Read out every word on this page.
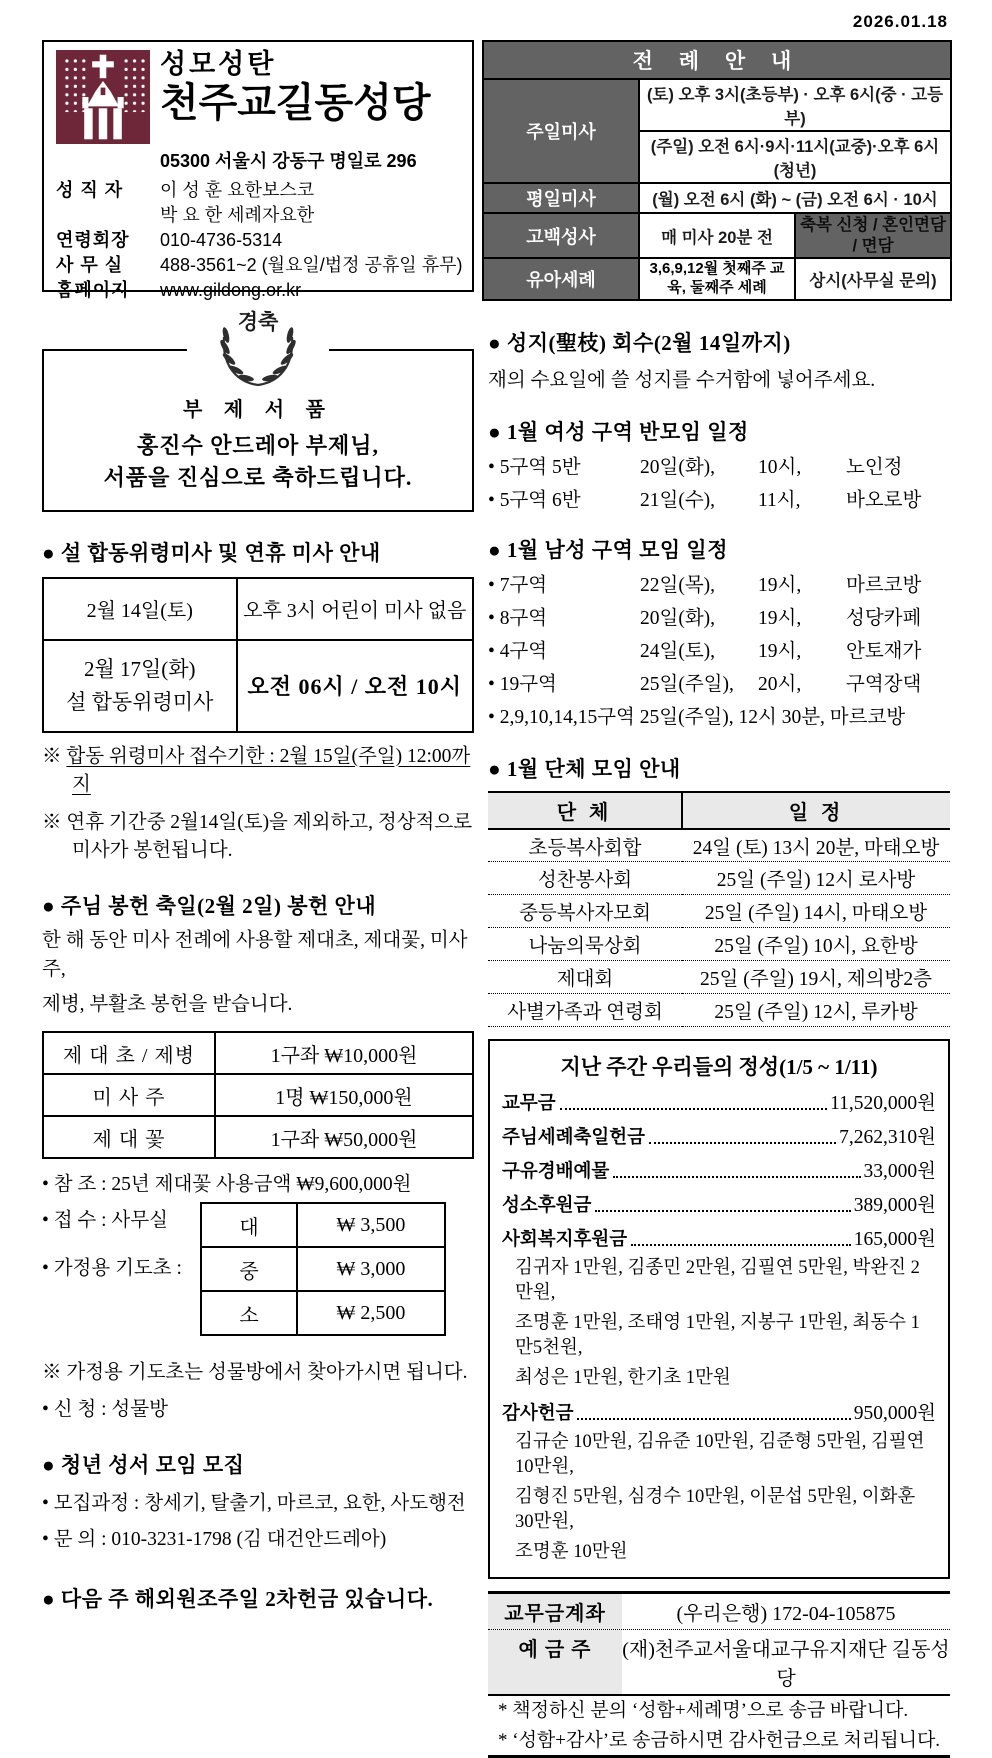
2026.01.18
성모성탄
천주교길동성당
05300 서울시 강동구 명일로 296
성 직 자	이 성 훈 요한보스코
박 요 한 세례자요한
연령회장	010-4736-5314
사 무 실	488-3561~2 (월요일/법정 공휴일 휴무)
홈페이지	www.gildong.or.kr
전 례 안 내		
주일미사	(토) 오후 3시(초등부) · 오후 6시(중 · 고등부)	
	(주일) 오전 6시·9시·11시(교중)·오후 6시(청년)	
평일미사	(월) 오전 6시 (화) ~ (금) 오전 6시 · 10시	
고백성사	매 미사 20분 전	축복 신청 / 혼인면담 / 면담
유아세례	3,6,9,12월 첫째주 교육, 둘째주 세례	상시(사무실 문의)
경축
부 제 서 품
홍진수 안드레아 부제님,
서품을 진심으로 축하드립니다.
● 설 합동위령미사 및 연휴 미사 안내
2월 14일(토)	오후 3시 어린이 미사 없음

2월 17일(화)
설 합동위령미사	오전 06시 / 오전 10시
※ 합동 위령미사 접수기한 : 2월 15일(주일) 12:00까지
※ 연휴 기간중 2월14일(토)을 제외하고, 정상적으로 미사가 봉헌됩니다.
● 주님 봉헌 축일(2월 2일) 봉헌 안내
한 해 동안 미사 전례에 사용할 제대초, 제대꽃, 미사주,
제병, 부활초 봉헌을 받습니다.
제 대 초 / 제병	1구좌 ₩10,000원
미 사 주	1명 ₩150,000원
제 대 꽃	1구좌 ₩50,000원
• 참 조 : 25년 제대꽃 사용금액 ₩9,600,000원
• 접 수 : 사무실
• 가정용 기도초 :
대	₩ 3,500
중	₩ 3,000
소	₩ 2,500
※ 가정용 기도초는 성물방에서 찾아가시면 됩니다.
• 신 청 : 성물방
● 청년 성서 모임 모집
• 모집과정 : 창세기, 탈출기, 마르코, 요한, 사도행전
• 문 의 : 010-3231-1798 (김 대건안드레아)
● 다음 주 해외원조주일 2차헌금 있습니다.
● 성지(聖枝) 회수(2월 14일까지)
재의 수요일에 쓸 성지를 수거함에 넣어주세요.
● 1월 여성 구역 반모임 일정
• 5구역 5반	20일(화),	10시,	노인정
• 5구역 6반	21일(수),	11시,	바오로방
● 1월 남성 구역 모임 일정
• 7구역	22일(목),	19시,	마르코방
• 8구역	20일(화),	19시,	성당카페
• 4구역	24일(토),	19시,	안토재가
• 19구역	25일(주일),	20시,	구역장댁
• 2,9,10,14,15구역 25일(주일), 12시 30분, 마르코방
● 1월 단체 모임 안내
단 체	일 정
초등복사회합	24일 (토) 13시 20분, 마태오방
성찬봉사회	25일 (주일) 12시 로사방
중등복사자모회	25일 (주일) 14시, 마태오방
나눔의묵상회	25일 (주일) 10시, 요한방
제대회	25일 (주일) 19시, 제의방2층
사별가족과 연령회	25일 (주일) 12시, 루카방
지난 주간 우리들의 정성(1/5 ~ 1/11)
교무금	11,520,000원
주님세례축일헌금	7,262,310원
구유경배예물	33,000원
성소후원금	389,000원
사회복지후원금	165,000원
김귀자 1만원, 김종민 2만원, 김필연 5만원, 박완진 2만원,
조명훈 1만원, 조태영 1만원, 지봉구 1만원, 최동수 1만5천원,
최성은 1만원, 한기초 1만원
감사헌금	950,000원
김규순 10만원, 김유준 10만원, 김준형 5만원, 김필연 10만원,
김형진 5만원, 심경수 10만원, 이문섭 5만원, 이화훈 30만원,
조명훈 10만원
교무금계좌	(우리은행) 172-04-105875
예 금 주	(재)천주교서울대교구유지재단 길동성당
* 책정하신 분의 ‘성함+세례명’으로 송금 바랍니다.
* ‘성함+감사’로 송금하시면 감사헌금으로 처리됩니다.
